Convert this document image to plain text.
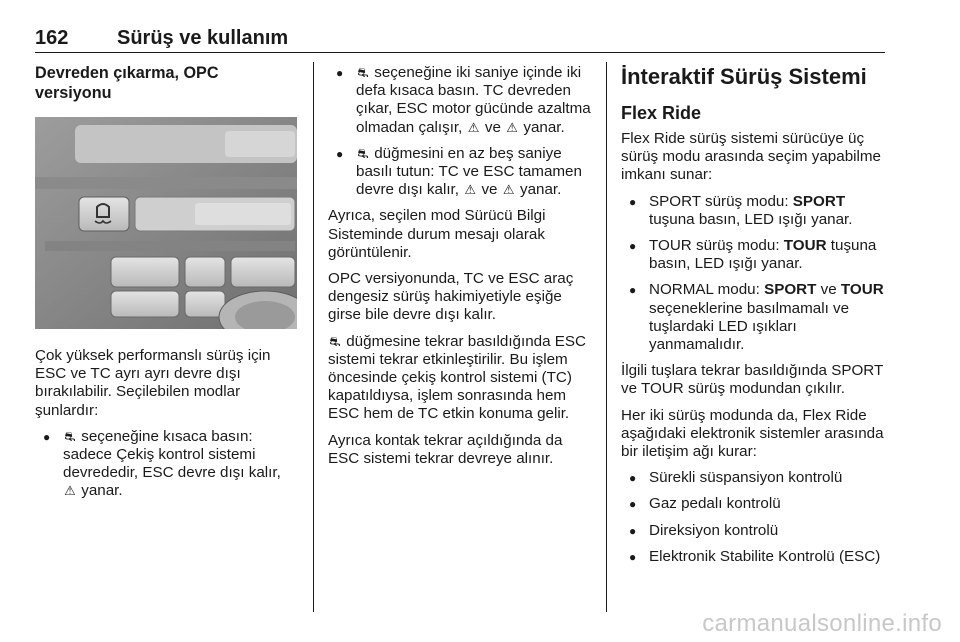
162 Sürüş ve kullanım
Devreden çıkarma, OPC versiyonu

Çok yüksek performanslı sürüş için ESC ve TC ayrı ayrı devre dışı bırakılabilir. Seçilebilen modlar şunlardır:

● ⛐ seçeneğine kısaca basın: sadece Çekiş kontrol sistemi devrededir, ESC devre dışı kalır, ⚠ yanar.
● ⛐ seçeneğine iki saniye içinde iki defa kısaca basın. TC devreden çıkar, ESC motor gücünde azaltma olmadan çalışır, ⚠ ve ⚠ yanar.
● ⛐ düğmesini en az beş saniye basılı tutun: TC ve ESC tamamen devre dışı kalır, ⚠ ve ⚠ yanar.

Ayrıca, seçilen mod Sürücü Bilgi Sisteminde durum mesajı olarak görüntülenir.

OPC versiyonunda, TC ve ESC araç dengesiz sürüş hakimiyetiyle eşiğe girse bile devre dışı kalır.

⛐ düğmesine tekrar basıldığında ESC sistemi tekrar etkinleştirilir. Bu işlem öncesinde çekiş kontrol sistemi (TC) kapatıldıysa, işlem sonrasında hem ESC hem de TC etkin konuma gelir.

Ayrıca kontak tekrar açıldığında da ESC sistemi tekrar devreye alınır.

İnteraktif Sürüş Sistemi
Flex Ride

Flex Ride sürüş sistemi sürücüye üç sürüş modu arasında seçim yapabilme imkanı sunar:

● SPORT sürüş modu: SPORT tuşuna basın, LED ışığı yanar.
● TOUR sürüş modu: TOUR tuşuna basın, LED ışığı yanar.
● NORMAL modu: SPORT ve TOUR seçeneklerine basılmamalı ve tuşlardaki LED ışıkları yanmamalıdır.

İlgili tuşlara tekrar basıldığında SPORT ve TOUR sürüş modundan çıkılır.

Her iki sürüş modunda da, Flex Ride aşağıdaki elektronik sistemler arasında bir iletişim ağı kurar:

● Sürekli süspansiyon kontrolü
● Gaz pedalı kontrolü
● Direksiyon kontrolü
● Elektronik Stabilite Kontrolü (ESC)
carmanualsonline.info
